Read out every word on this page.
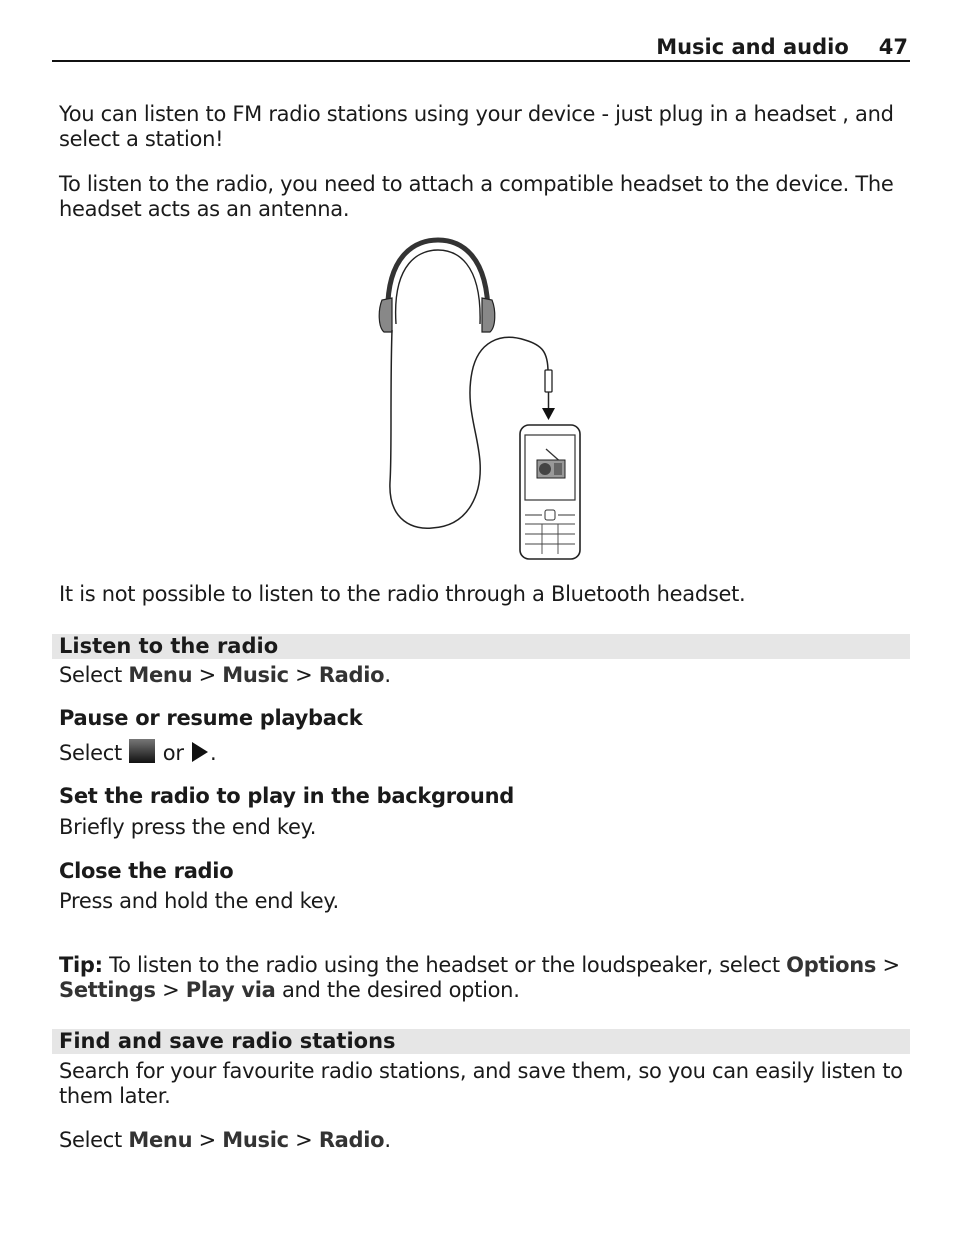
Music and audio 47
You can listen to FM radio stations using your device - just plug in a headset , and select a station!
To listen to the radio, you need to attach a compatible headset to the device. The headset acts as an antenna.
It is not possible to listen to the radio through a Bluetooth headset.
Listen to the radio
Select Menu > Music > Radio.
Pause or resume playback
Select or .
Set the radio to play in the background
Briefly press the end key.
Close the radio
Press and hold the end key.
Tip: To listen to the radio using the headset or the loudspeaker, select Options > Settings > Play via and the desired option.
Find and save radio stations
Search for your favourite radio stations, and save them, so you can easily listen to them later.
Select Menu > Music > Radio.
